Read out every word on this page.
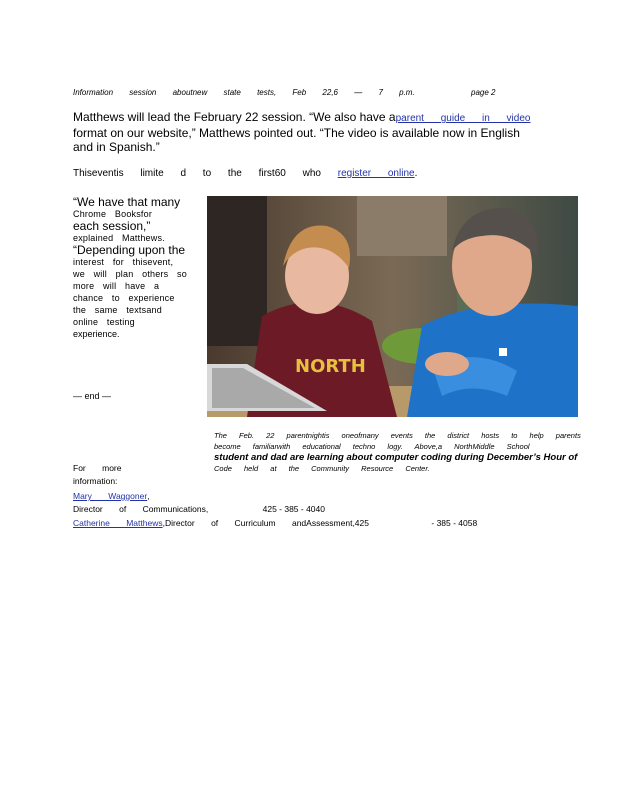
Information session aboutnew state tests, Feb 22,6 — 7 p.m.	page 2
Matthews will lead the February 22 session. “We also have aparent guide in video format on our website,” Matthews pointed out. “The video is available now in English and in Spanish.”
Thiseventis limite d to the first60 who register online.
“We have that many
Chrome Booksfor
each session,”
explained Matthews.
“Depending upon the
interest for thisevent,
we will plan others so
more will have a
chance to experience
the same textsand
online testing
experience.
— end —
NORTH
The Feb. 22 parentnightis oneofmany events the district hosts to help parents
become familiarwith educational techno logy. Above,a NorthMiddle School
student and dad are learning about computer coding during December’s Hour of
Code held at the Community Resource Center.
For more
information:
Mary Waggoner,
Director of Communications,	425 - 385 - 4040
Catherine Matthews,Director of Curriculum andAssessment,425	- 385 - 4058
